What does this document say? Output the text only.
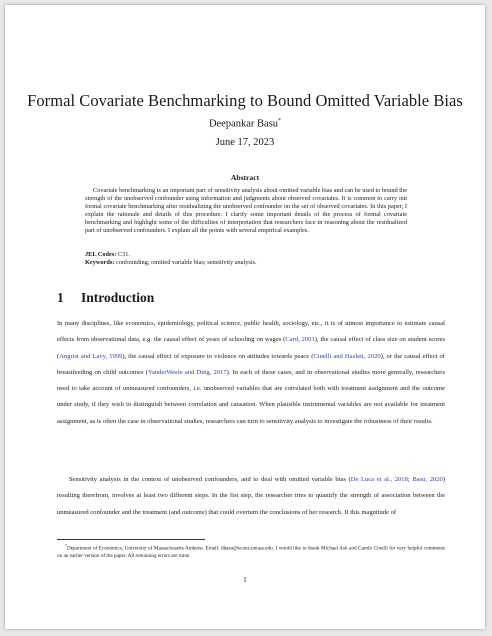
Formal Covariate Benchmarking to Bound Omitted Variable Bias
Deepankar Basu*
June 17, 2023
Abstract
Covariate benchmarking is an important part of sensitivity analysis about omitted variable bias and can be used to bound the strength of the unobserved confounder using information and judgments about observed covariates. It is common to carry out formal covariate benchmarking after residualizing the unobserved confounder on the set of observed covariates. In this paper, I explain the rationale and details of this procedure. I clarify some important details of the process of formal covariate benchmarking and highlight some of the difficulties of interpretation that researchers face in reasoning about the residualized part of unobserved confounders. I explain all the points with several empirical examples.
JEL Codes: C31.
Keywords: confounding; omitted variable bias; sensitivity analysis.
1 Introduction
In many disciplines, like economics, epidemiology, political science, public health, sociology, etc., it is of utmost importance to estimate causal effects from observational data, e.g. the causal effect of years of schooling on wages (Card, 2001), the causal effect of class size on student scores (Angrist and Lavy, 1999), the causal effect of exposure to violence on attitudes towards peace (Cinelli and Hazlett, 2020), or the causal effect of breastfeeding on child outcomes (VanderWeele and Ding, 2017). In each of these cases, and in observational studies more generally, researchers need to take account of unmeasured confounders, i.e. unobserved variables that are correlated both with treatment assignment and the outcome under study, if they wish to distinguish between correlation and causation. When plausible instrumental variables are not available for treatment assignment, as is often the case in observational studies, researchers can turn to sensitivity analysis to investigate the robustness of their results.
Sensitivity analysis in the context of unobserved confounders, and to deal with omitted variable bias (De Luca et al., 2018; Basu, 2020) resulting therefrom, involves at least two different steps. In the fist step, the researcher tries to quantify the strength of association between the unmeasured confounder and the treatment (and outcome) that could overturn the conclusions of her research. If this magnitude of
*Department of Economics, University of Massachusetts Amherst. Email: dbasu@econs.umass.edu. I would like to thank Michael Ash and Carolo Cinelli for very helpful comments on an earlier version of the paper. All remaining errors are mine.
1
